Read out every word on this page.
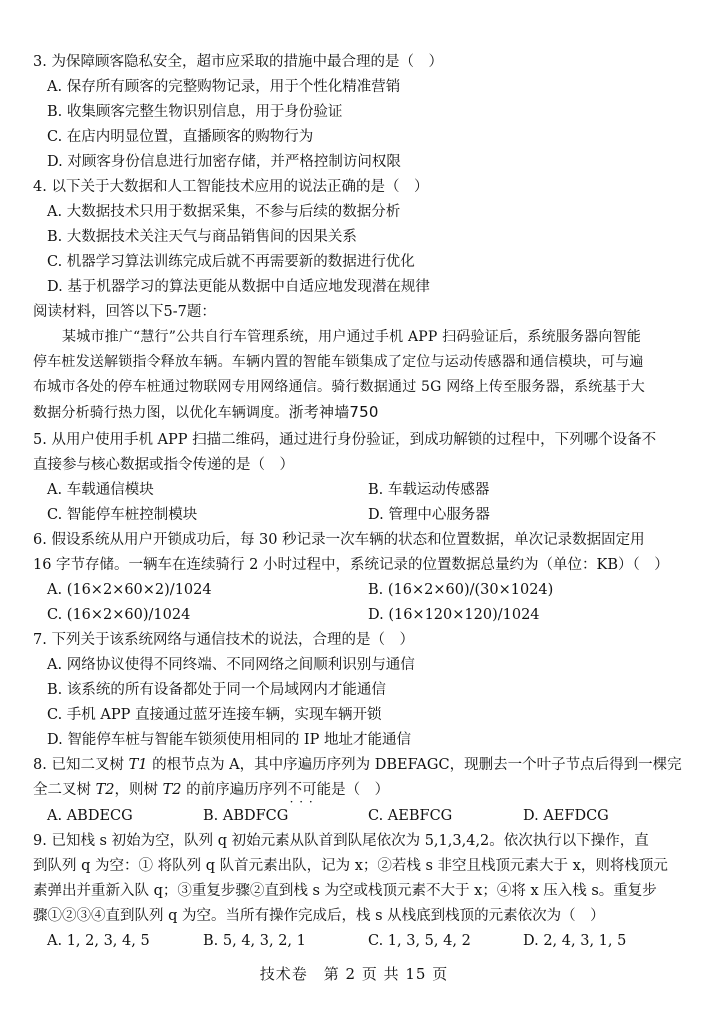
3. 为保障顾客隐私安全，超市应采取的措施中最合理的是（　）
A. 保存所有顾客的完整购物记录，用于个性化精准营销
B. 收集顾客完整生物识别信息，用于身份验证
C. 在店内明显位置，直播顾客的购物行为
D. 对顾客身份信息进行加密存储，并严格控制访问权限
4. 以下关于大数据和人工智能技术应用的说法正确的是（　）
A. 大数据技术只用于数据采集，不参与后续的数据分析
B. 大数据技术关注天气与商品销售间的因果关系
C. 机器学习算法训练完成后就不再需要新的数据进行优化
D. 基于机器学习的算法更能从数据中自适应地发现潜在规律
阅读材料，回答以下5-7题：
某城市推广“慧行”公共自行车管理系统，用户通过手机 APP 扫码验证后，系统服务器向智能
停车桩发送解锁指令释放车辆。车辆内置的智能车锁集成了定位与运动传感器和通信模块，可与遍
布城市各处的停车桩通过物联网专用网络通信。骑行数据通过 5G 网络上传至服务器，系统基于大
数据分析骑行热力图，以优化车辆调度。浙考神墙750
5. 从用户使用手机 APP 扫描二维码，通过进行身份验证，到成功解锁的过程中，下列哪个设备不
直接参与核心数据或指令传递的是（　）
A. 车载通信模块	B. 车载运动传感器
C. 智能停车桩控制模块	D. 管理中心服务器
6. 假设系统从用户开锁成功后，每 30 秒记录一次车辆的状态和位置数据，单次记录数据固定用
16 字节存储。一辆车在连续骑行 2 小时过程中，系统记录的位置数据总量约为（单位：KB）（　）
A. (16×2×60×2)/1024	B. (16×2×60)/(30×1024)
C. (16×2×60)/1024	D. (16×120×120)/1024
7. 下列关于该系统网络与通信技术的说法，合理的是（　）
A. 网络协议使得不同终端、不同网络之间顺利识别与通信
B. 该系统的所有设备都处于同一个局域网内才能通信
C. 手机 APP 直接通过蓝牙连接车辆，实现车辆开锁
D. 智能停车桩与智能车锁须使用相同的 IP 地址才能通信
8. 已知二叉树 T1 的根节点为 A，其中序遍历序列为 DBEFAGC，现删去一个叶子节点后得到一棵完
全二叉树 T2，则树 T2 的前序遍历序列不可能 · · ·是（　）
A. ABDECG	B. ABDFCG	C. AEBFCG	D. AEFDCG
9. 已知栈 s 初始为空，队列 q 初始元素从队首到队尾依次为 5,1,3,4,2。依次执行以下操作，直
到队列 q 为空：① 将队列 q 队首元素出队，记为 x；②若栈 s 非空且栈顶元素大于 x，则将栈顶元
素弹出并重新入队 q；③重复步骤②直到栈 s 为空或栈顶元素不大于 x；④将 x 压入栈 s。重复步
骤①②③④直到队列 q 为空。当所有操作完成后，栈 s 从栈底到栈顶的元素依次为（　）
A. 1, 2, 3, 4, 5	B. 5, 4, 3, 2, 1	C. 1, 3, 5, 4, 2	D. 2, 4, 3, 1, 5
技术卷　第 2 页 共 15 页
